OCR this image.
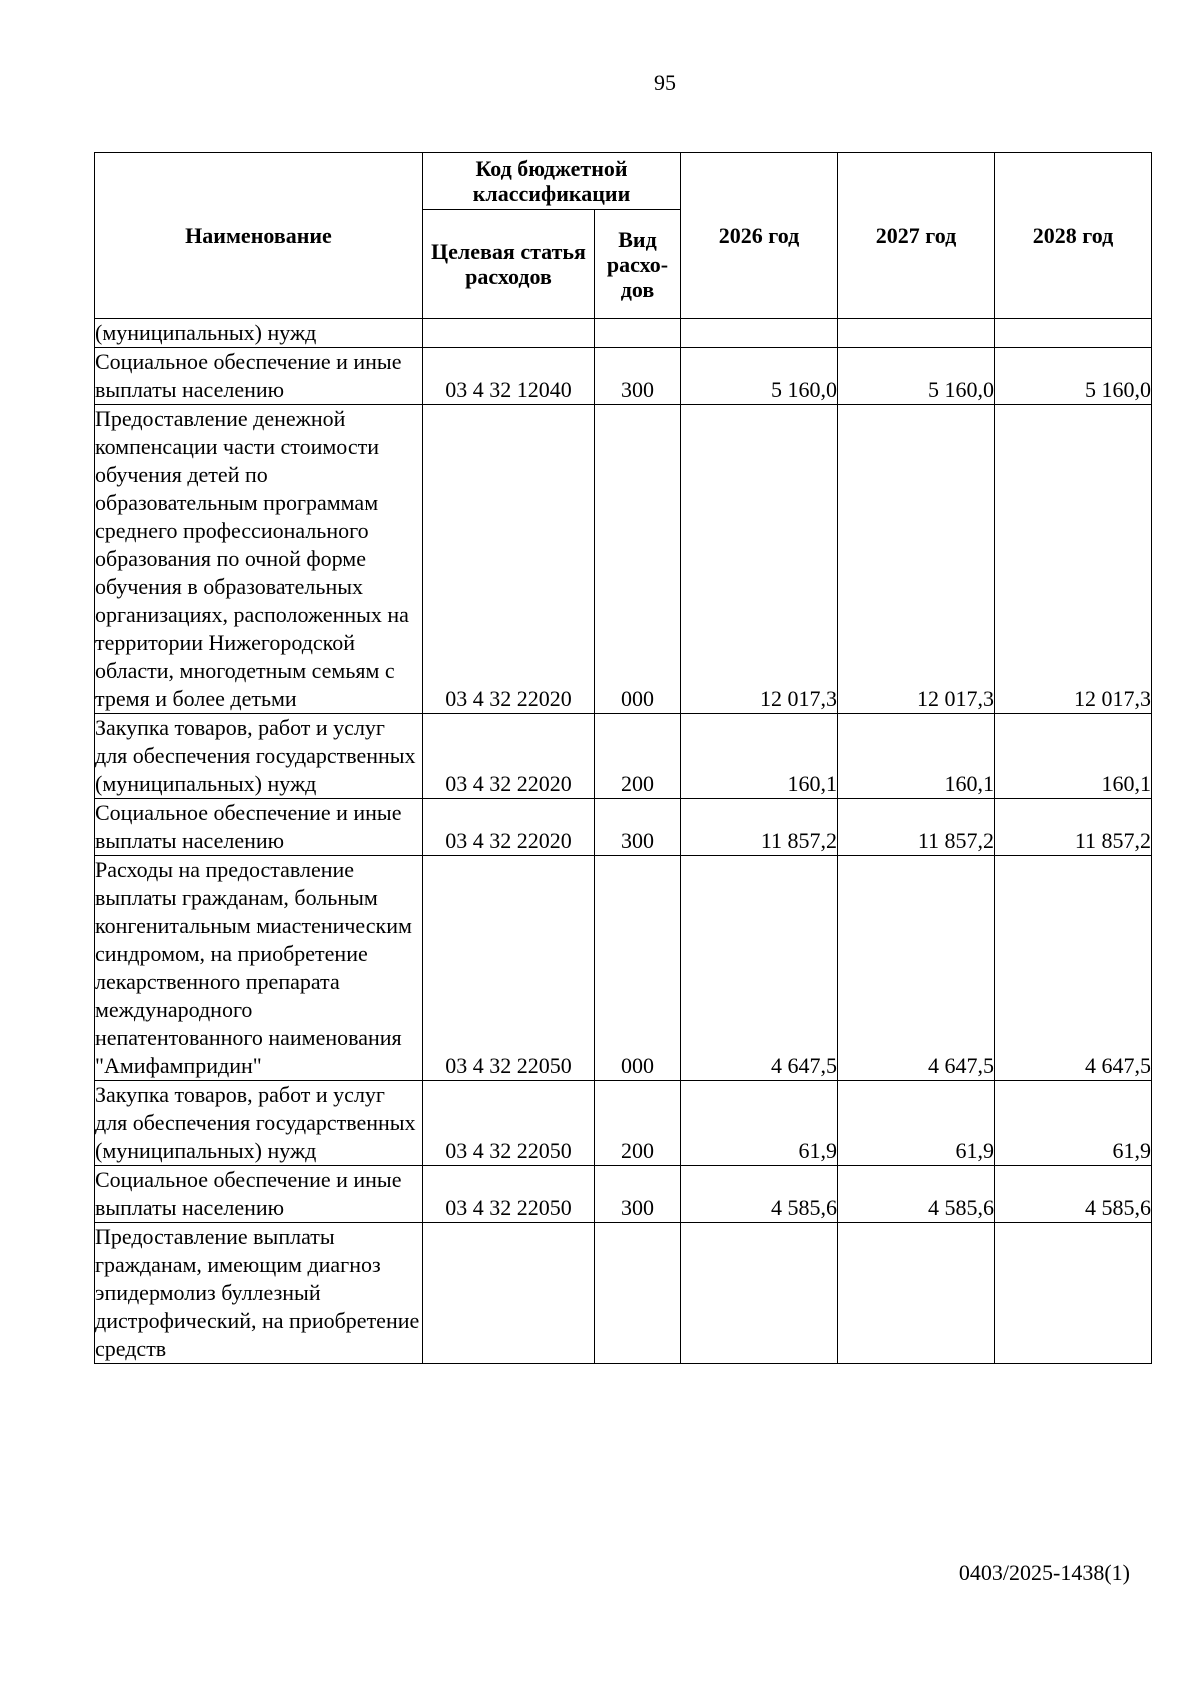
95
Наименование	Код бюджетной классификации		2026 год	2027 год	2028 год
	Целевая статья расходов	Вид расхо-дов			
(муниципальных) нужд					
Социальное обеспечение и иные выплаты населению	03 4 32 12040	300	5 160,0	5 160,0	5 160,0
Предоставление денежной компенсации части стоимости обучения детей по образовательным программам среднего профессионального образования по очной форме обучения в образовательных организациях, расположенных на территории Нижегородской области, многодетным семьям с тремя и более детьми	03 4 32 22020	000	12 017,3	12 017,3	12 017,3
Закупка товаров, работ и услуг для обеспечения государственных (муниципальных) нужд	03 4 32 22020	200	160,1	160,1	160,1
Социальное обеспечение и иные выплаты населению	03 4 32 22020	300	11 857,2	11 857,2	11 857,2
Расходы на предоставление выплаты гражданам, больным конгенитальным миастеническим синдромом, на приобретение лекарственного препарата международного непатентованного наименования "Амифампридин"	03 4 32 22050	000	4 647,5	4 647,5	4 647,5
Закупка товаров, работ и услуг для обеспечения государственных (муниципальных) нужд	03 4 32 22050	200	61,9	61,9	61,9
Социальное обеспечение и иные выплаты населению	03 4 32 22050	300	4 585,6	4 585,6	4 585,6
Предоставление выплаты гражданам, имеющим диагноз эпидермолиз буллезный дистрофический, на приобретение средств					
0403/2025-1438(1)
